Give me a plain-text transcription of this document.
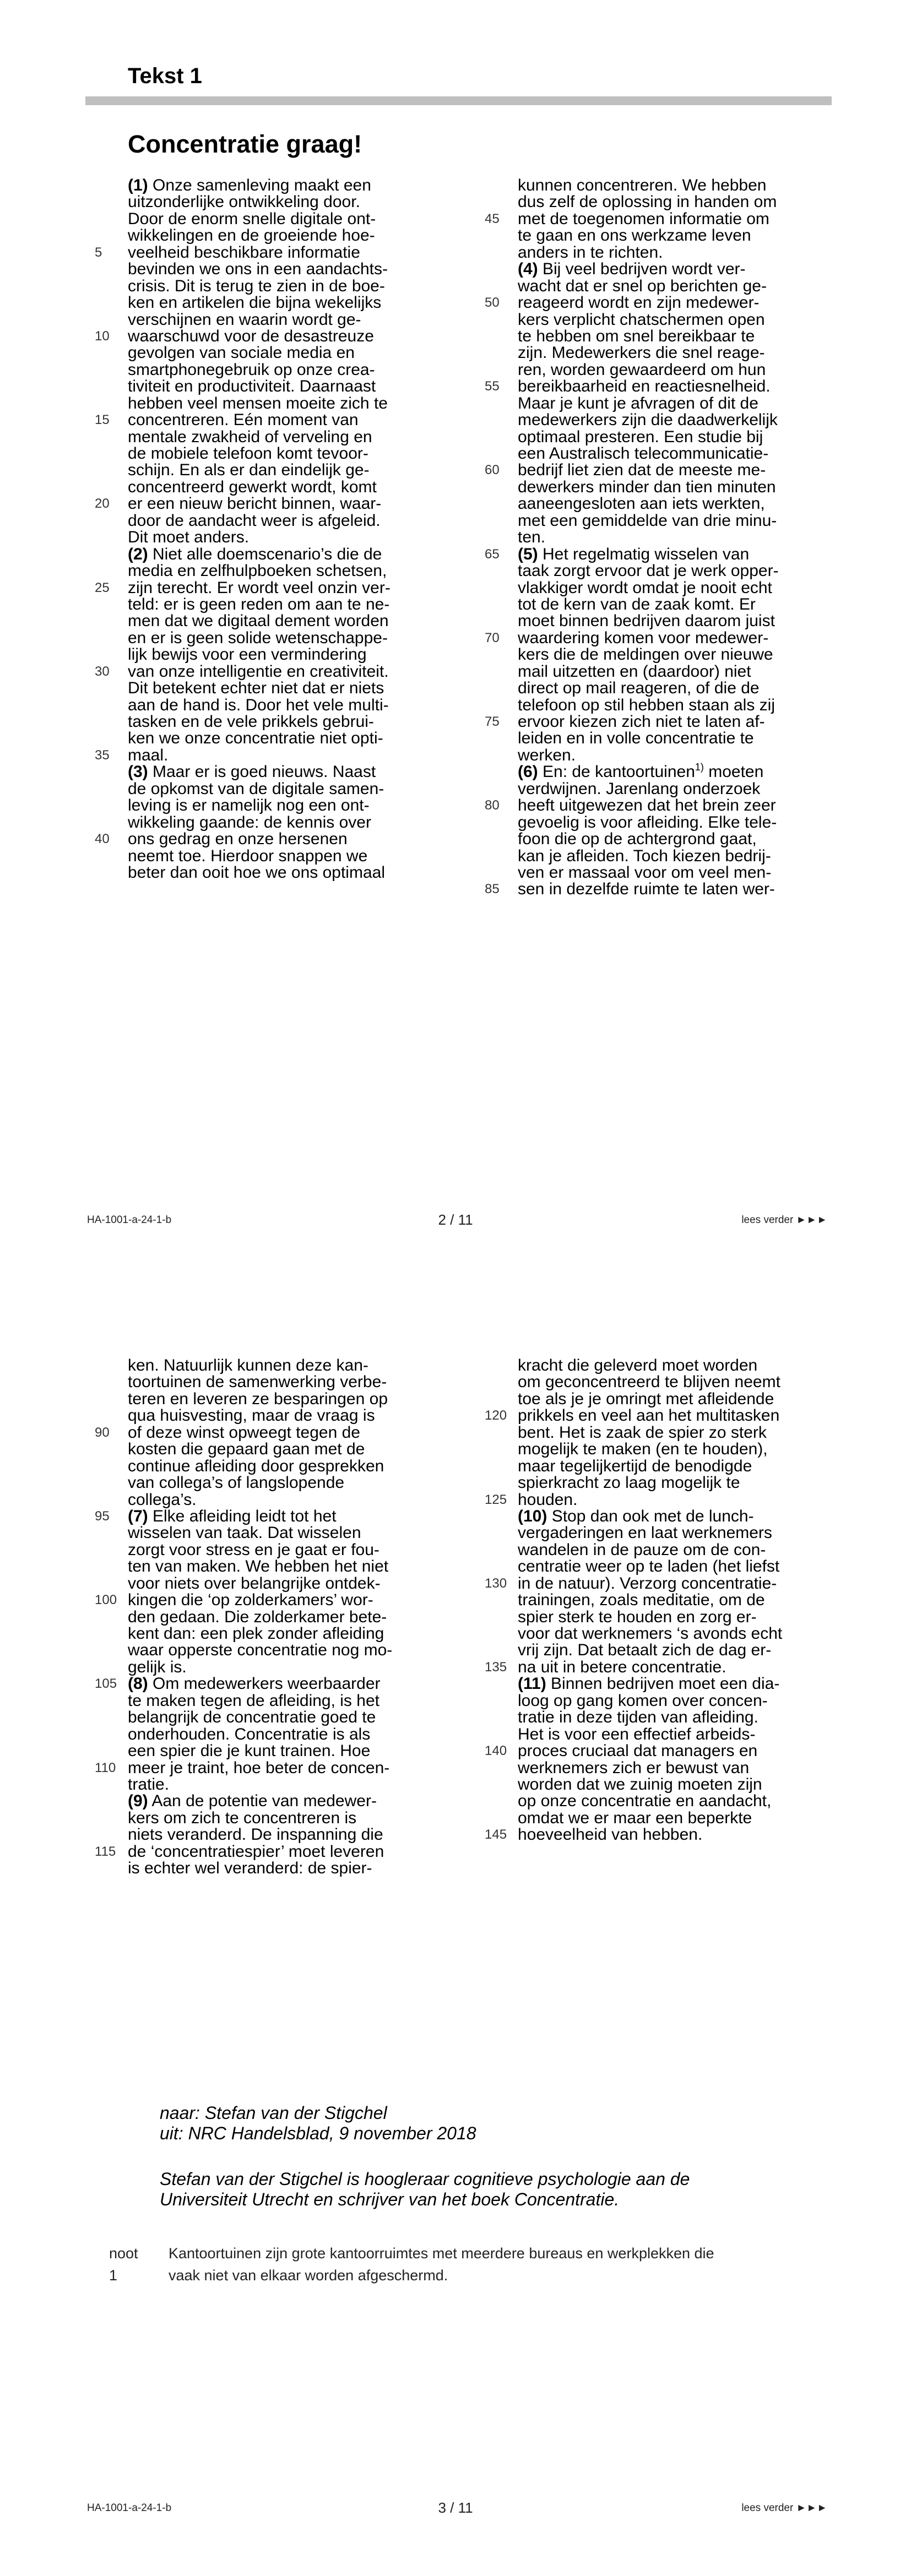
Tekst 1
Concentratie graag!
(1) Onze samenleving maakt een
uitzonderlijke ontwikkeling door.
Door de enorm snelle digitale ont-
wikkelingen en de groeiende hoe-
5	veelheid beschikbare informatie
bevinden we ons in een aandachts-
crisis. Dit is terug te zien in de boe-
ken en artikelen die bijna wekelijks
verschijnen en waarin wordt ge-
10	waarschuwd voor de desastreuze
gevolgen van sociale media en
smartphonegebruik op onze crea-
tiviteit en productiviteit. Daarnaast
hebben veel mensen moeite zich te
15	concentreren. Eén moment van
mentale zwakheid of verveling en
de mobiele telefoon komt tevoor-
schijn. En als er dan eindelijk ge-
concentreerd gewerkt wordt, komt
20	er een nieuw bericht binnen, waar-
door de aandacht weer is afgeleid.
Dit moet anders.
(2) Niet alle doemscenario’s die de
media en zelfhulpboeken schetsen,
25	zijn terecht. Er wordt veel onzin ver-
teld: er is geen reden om aan te ne-
men dat we digitaal dement worden
en er is geen solide wetenschappe-
lijk bewijs voor een vermindering
30	van onze intelligentie en creativiteit.
Dit betekent echter niet dat er niets
aan de hand is. Door het vele multi-
tasken en de vele prikkels gebrui-
ken we onze concentratie niet opti-
35	maal.
(3) Maar er is goed nieuws. Naast
de opkomst van de digitale samen-
leving is er namelijk nog een ont-
wikkeling gaande: de kennis over
40	ons gedrag en onze hersenen
neemt toe. Hierdoor snappen we
beter dan ooit hoe we ons optimaal
kunnen concentreren. We hebben
dus zelf de oplossing in handen om
45	met de toegenomen informatie om
te gaan en ons werkzame leven
anders in te richten.
(4) Bij veel bedrijven wordt ver-
wacht dat er snel op berichten ge-
50	reageerd wordt en zijn medewer-
kers verplicht chatschermen open
te hebben om snel bereikbaar te
zijn. Medewerkers die snel reage-
ren, worden gewaardeerd om hun
55	bereikbaarheid en reactiesnelheid.
Maar je kunt je afvragen of dit de
medewerkers zijn die daadwerkelijk
optimaal presteren. Een studie bij
een Australisch telecommunicatie-
60	bedrijf liet zien dat de meeste me-
dewerkers minder dan tien minuten
aaneengesloten aan iets werkten,
met een gemiddelde van drie minu-
ten.
65	(5) Het regelmatig wisselen van
taak zorgt ervoor dat je werk opper-
vlakkiger wordt omdat je nooit echt
tot de kern van de zaak komt. Er
moet binnen bedrijven daarom juist
70	waardering komen voor medewer-
kers die de meldingen over nieuwe
mail uitzetten en (daardoor) niet
direct op mail reageren, of die de
telefoon op stil hebben staan als zij
75	ervoor kiezen zich niet te laten af-
leiden en in volle concentratie te
werken.
(6) En: de kantoortuinen$^{1)}$ moeten
verdwijnen. Jarenlang onderzoek
80	heeft uitgewezen dat het brein zeer
gevoelig is voor afleiding. Elke tele-
foon die op de achtergrond gaat,
kan je afleiden. Toch kiezen bedrij-
ven er massaal voor om veel men-
85	sen in dezelfde ruimte te laten wer-
HA-1001-a-24-1-b	2 / 11	lees verder ►►►
ken. Natuurlijk kunnen deze kan-
toortuinen de samenwerking verbe-
teren en leveren ze besparingen op
qua huisvesting, maar de vraag is
90	of deze winst opweegt tegen de
kosten die gepaard gaan met de
continue afleiding door gesprekken
van collega’s of langslopende
collega’s.
95	(7) Elke afleiding leidt tot het
wisselen van taak. Dat wisselen
zorgt voor stress en je gaat er fou-
ten van maken. We hebben het niet
voor niets over belangrijke ontdek-
100 kingen die ‘op zolderkamers’ wor-
den gedaan. Die zolderkamer bete-
kent dan: een plek zonder afleiding
waar opperste concentratie nog mo-
gelijk is.
105 (8) Om medewerkers weerbaarder
te maken tegen de afleiding, is het
belangrijk de concentratie goed te
onderhouden. Concentratie is als
een spier die je kunt trainen. Hoe
110 meer je traint, hoe beter de concen-
tratie.
(9) Aan de potentie van medewer-
kers om zich te concentreren is
niets veranderd. De inspanning die
115 de ‘concentratiespier’ moet leveren
is echter wel veranderd: de spier-
kracht die geleverd moet worden
om geconcentreerd te blijven neemt
toe als je je omringt met afleidende
120 prikkels en veel aan het multitasken
bent. Het is zaak de spier zo sterk
mogelijk te maken (en te houden),
maar tegelijkertijd de benodigde
spierkracht zo laag mogelijk te
125 houden.
(10) Stop dan ook met de lunch-
vergaderingen en laat werknemers
wandelen in de pauze om de con-
centratie weer op te laden (het liefst
130 in de natuur). Verzorg concentratie-
trainingen, zoals meditatie, om de
spier sterk te houden en zorg er-
voor dat werknemers ‘s avonds echt
vrij zijn. Dat betaalt zich de dag er-
135 na uit in betere concentratie.
(11) Binnen bedrijven moet een dia-
loog op gang komen over concen-
tratie in deze tijden van afleiding.
Het is voor een effectief arbeids-
140 proces cruciaal dat managers en
werknemers zich er bewust van
worden dat we zuinig moeten zijn
op onze concentratie en aandacht,
omdat we er maar een beperkte
145 hoeveelheid van hebben.
naar: Stefan van der Stigchel
uit: NRC Handelsblad, 9 november 2018
Stefan van der Stigchel is hoogleraar cognitieve psychologie aan de
Universiteit Utrecht en schrijver van het boek Concentratie.
noot 1
Kantoortuinen zijn grote kantoorruimtes met meerdere bureaus en werkplekken die
vaak niet van elkaar worden afgeschermd.
HA-1001-a-24-1-b	3 / 11	lees verder ►►►
